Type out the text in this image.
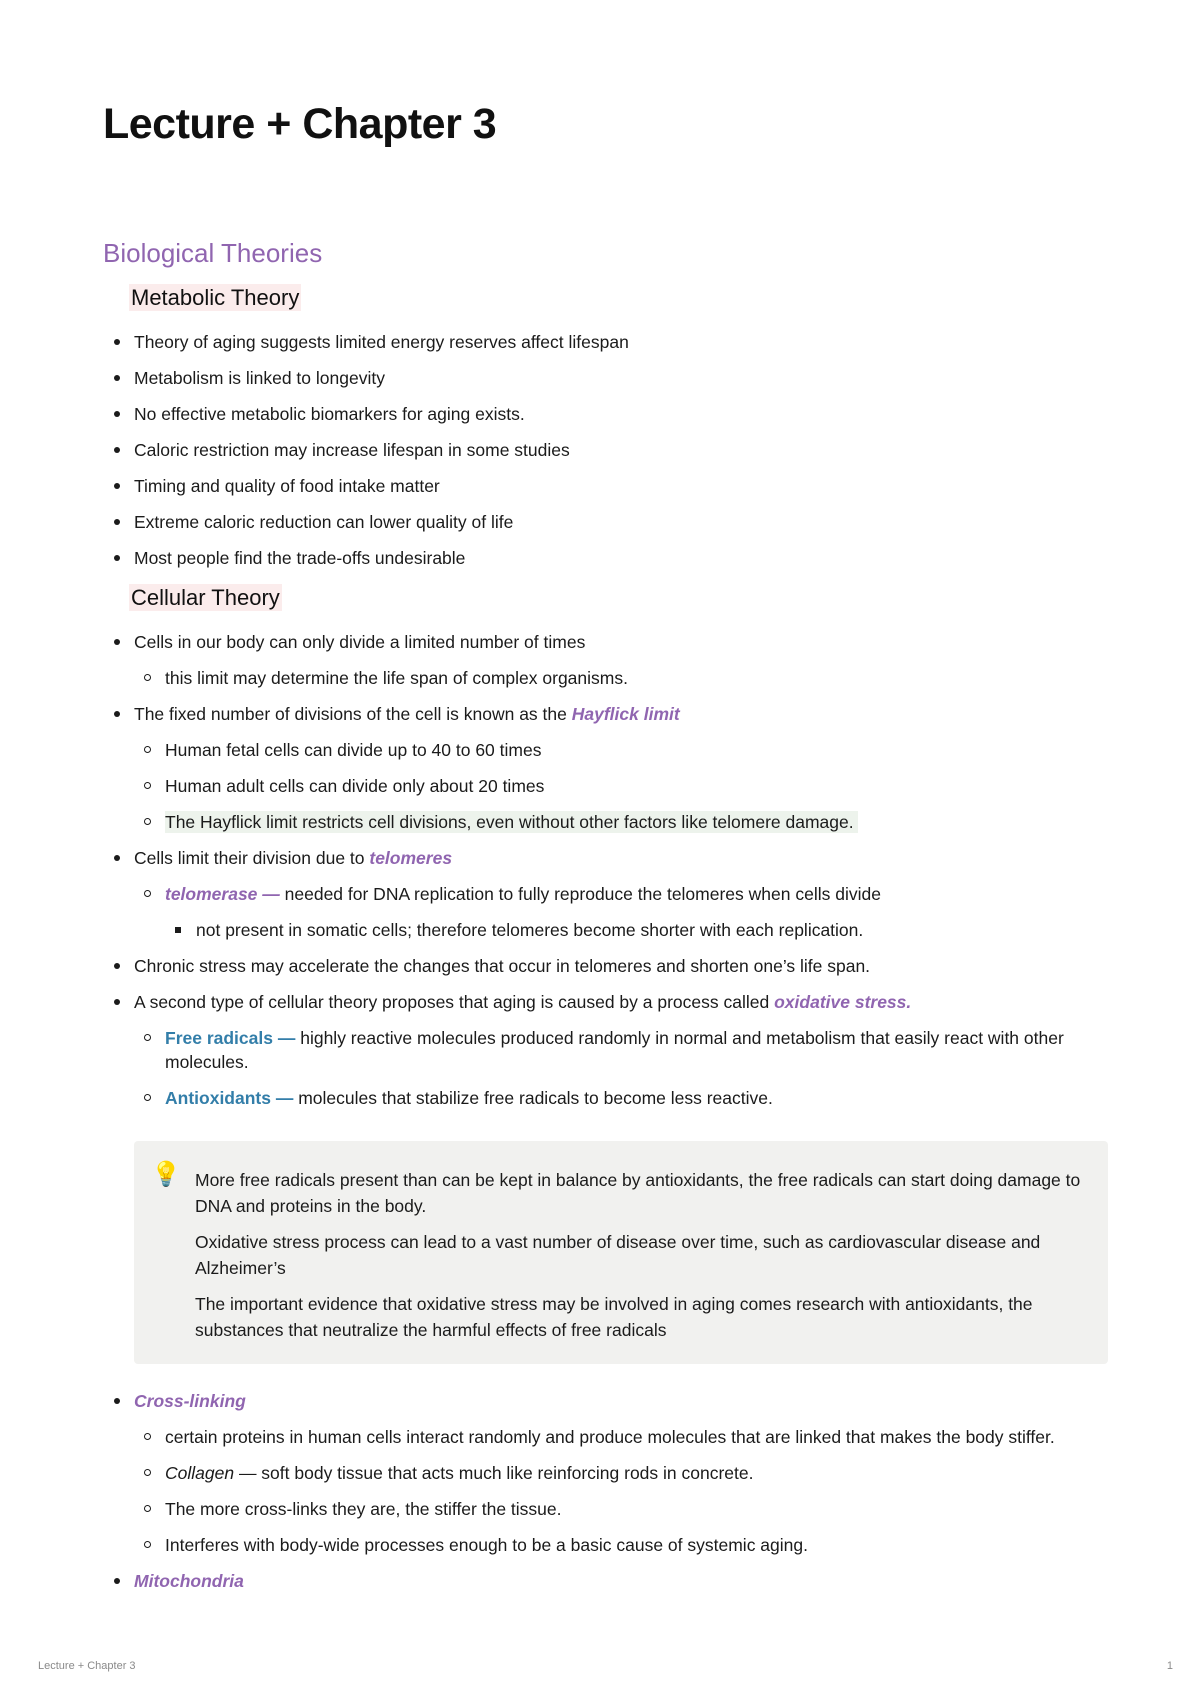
Lecture + Chapter 3
Biological Theories
Metabolic Theory
Theory of aging suggests limited energy reserves affect lifespan
Metabolism is linked to longevity
No effective metabolic biomarkers for aging exists.
Caloric restriction may increase lifespan in some studies
Timing and quality of food intake matter
Extreme caloric reduction can lower quality of life
Most people find the trade-offs undesirable
Cellular Theory
Cells in our body can only divide a limited number of times
this limit may determine the life span of complex organisms.
The fixed number of divisions of the cell is known as the Hayflick limit
Human fetal cells can divide up to 40 to 60 times
Human adult cells can divide only about 20 times
The Hayflick limit restricts cell divisions, even without other factors like telomere damage.
Cells limit their division due to telomeres
telomerase — needed for DNA replication to fully reproduce the telomeres when cells divide
not present in somatic cells; therefore telomeres become shorter with each replication.
Chronic stress may accelerate the changes that occur in telomeres and shorten one’s life span.
A second type of cellular theory proposes that aging is caused by a process called oxidative stress.
Free radicals — highly reactive molecules produced randomly in normal and metabolism that easily react with other molecules.
Antioxidants — molecules that stabilize free radicals to become less reactive.
💡 More free radicals present than can be kept in balance by antioxidants, the free radicals can start doing damage to DNA and proteins in the body.

Oxidative stress process can lead to a vast number of disease over time, such as cardiovascular disease and Alzheimer’s

The important evidence that oxidative stress may be involved in aging comes research with antioxidants, the substances that neutralize the harmful effects of free radicals

Cross-linking
certain proteins in human cells interact randomly and produce molecules that are linked that makes the body stiffer.
Collagen — soft body tissue that acts much like reinforcing rods in concrete.
The more cross-links they are, the stiffer the tissue.
Interferes with body-wide processes enough to be a basic cause of systemic aging.
Mitochondria
Lecture + Chapter 3	1
